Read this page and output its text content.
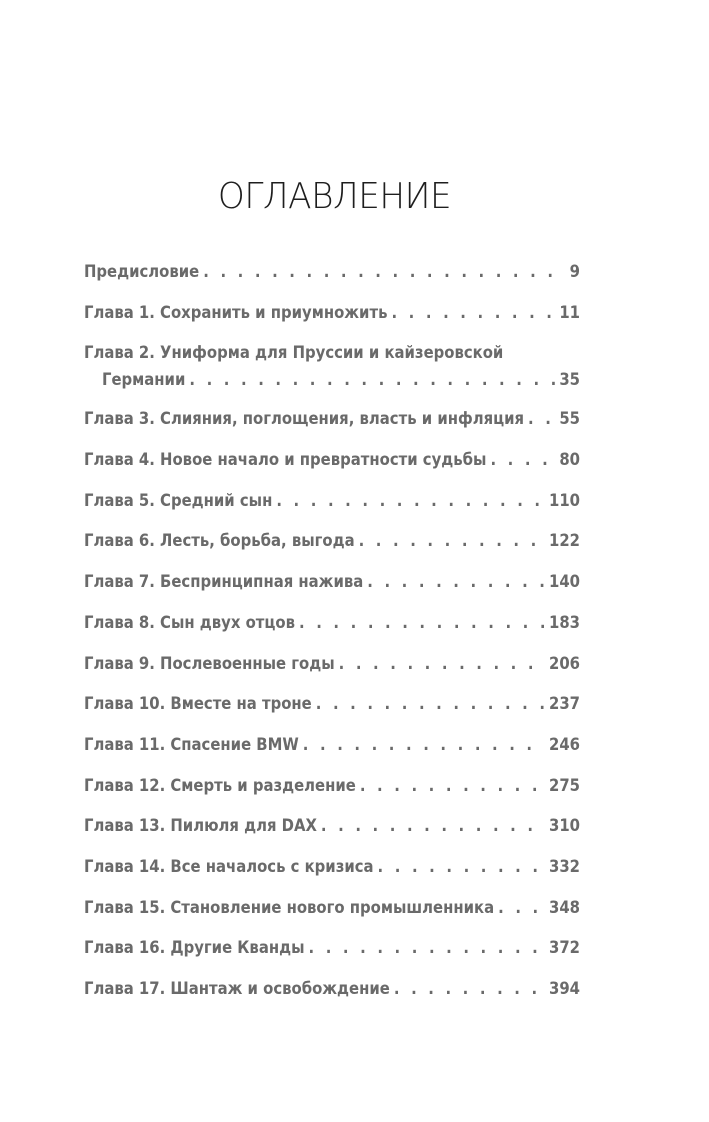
ОГЛАВЛЕНИЕ
Предисловие . . .	9
Глава 1. Сохранить и приумножить . . .	11
Глава 2. Униформа для Пруссии и кайзеровской
Германии . . .	35
Глава 3. Слияния, поглощения, власть и инфляция . . . 55
Глава 4. Новое начало и превратности судьбы . . .	80
Глава 5. Средний сын . . .	110
Глава 6. Лесть, борьба, выгода . . .	122
Глава 7. Беспринципная нажива . . .	140
Глава 8. Сын двух отцов . . .	183
Глава 9. Послевоенные годы . . .	206
Глава 10. Вместе на троне . . .	237
Глава 11. Спасение BMW . . .	246
Глава 12. Смерть и разделение . . .	275
Глава 13. Пилюля для DAX . . .	310
Глава 14. Все началось с кризиса . . .	332
Глава 15. Становление нового промышленника . . .	348
Глава 16. Другие Кванды . . .	372
Глава 17. Шантаж и освобождение . . .	394
